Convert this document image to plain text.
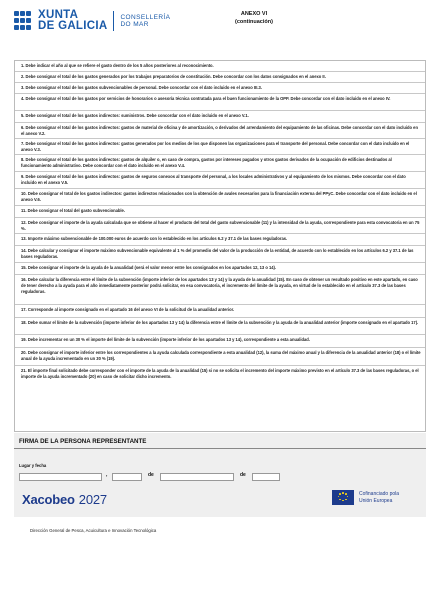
XUNTA
DE GALICIA
CONSELLERÍA
DO MAR
ANEXO VI
(continuación)
1. Debe indicar el año al que se refiere el gasto dentro de los 5 años posteriores al reconocimiento.
2. Debe consignar el total de los gastos generados por los trabajos preparatorios de constitución. Debe concordar con los datos consignados en el anexo II.
3. Debe consignar el total de los gastos subvencionables de personal. Debe concordar con el dato incluido en el anexo III.3.
4. Debe consignar el total de los gastos por servicios de honorarios o asesoría técnica contratada para el buen funcionamiento de la OPP. Debe concordar con el dato incluido en el anexo IV.
5. Debe consignar el total de los gastos indirectos: suministros. Debe concordar con el dato incluido en el anexo V.1.
6. Debe consignar el total de los gastos indirectos: gastos de material de oficina y de amortización, o derivados del arrendamiento del equipamiento de las oficinas. Debe concordar con el dato incluido en el anexo V.2.
7. Debe consignar el total de los gastos indirectos: gastos generados por los medios de los que disponen las organizaciones para el transporte del personal. Debe concordar con el dato incluido en el anexo V.3.
8. Debe consignar el total de los gastos indirectos: gastos de alquiler o, en caso de compra, gastos por intereses pagados y otros gastos derivados de la ocupación de edificios destinados al funcionamiento administrativo. Debe concordar con el dato incluido en el anexo V.4.
9. Debe consignar el total de los gastos indirectos: gastos de seguros conexos al transporte del personal, a los locales administrativos y al equipamiento de los mismos. Debe concordar con el dato incluido en el anexo V.5.
10. Debe consignar el total de los gastos indirectos: gastos indirectos relacionados con la obtención de avales necesarios para la financiación externa del PPyC. Debe concordar con el dato incluido en el anexo V.6.
11. Debe consignar el total del gasto subvencionable.
12. Debe consignar el importe de la ayuda calculada que se obtiene al hacer el producto del total del gasto subvencionable (11) y la intensidad de la ayuda, correspondiente para esta convocatoria en un 75 %.
13. Importe máximo subvencionable de 100.000 euros de acuerdo con lo establecido en los artículos 6.2 y 37.1 de las bases reguladoras.
14. Debe calcular y consignar el importe máximo subvencionable equivalente al 1 % del promedio del valor de la producción de la entidad, de acuerdo con lo establecido en los artículos 6.2 y 37.1 de las bases reguladoras.
15. Debe consignar el importe de la ayuda de la anualidad (será el valor menor entre los consignados en los apartados 12, 13 o 14).
16. Debe calcular la diferencia entre el límite de la subvención (importe inferior de los apartados 13 y 14) y la ayuda de la anualidad (15). En caso de obtener un resultado positivo en este apartado, en caso de tener derecho a la ayuda para el año inmediatamente posterior podrá solicitar, en esa convocatoria, el incremento del límite de la ayuda, en virtud de lo establecido en el artículo 37.3 de las bases reguladoras.
17. Corresponde al importe consignado en el apartado 16 del anexo VI de la solicitud de la anualidad anterior.
18. Debe sumar el límite de la subvención (importe inferior de los apartados 13 y 14) la diferencia entre el límite de la subvención y la ayuda de la anualidad anterior (importe consignado en el apartado 17).
19. Debe incrementar en un 30 % el importe del límite de la subvención (importe inferior de los apartados 13 y 14), correspondiente a esta anualidad.
20. Debe consignar el importe inferior entre los correspondientes a la ayuda calculada correspondiente a esta anualidad (12), la suma del máximo anual y la diferencia de la anualidad anterior (18) o el límite anual de la ayuda incrementado en un 30 % (19).
21. El importe final solicitado debe corresponder con el importe de la ayuda de la anualidad (15) si no se solicita el incremento del importe máximo previsto en el artículo 37.3 de las bases reguladoras, o el importe de la ayuda incrementado (20) en caso de solicitar dicho incremento.
FIRMA DE LA PERSONA REPRESENTANTE
Lugar y fecha
,	de	de
Xacobeo 2027	Cofinanciado pola
Unión Europea
Dirección General de Pesca, Acuicultura e Innovación Tecnológica
